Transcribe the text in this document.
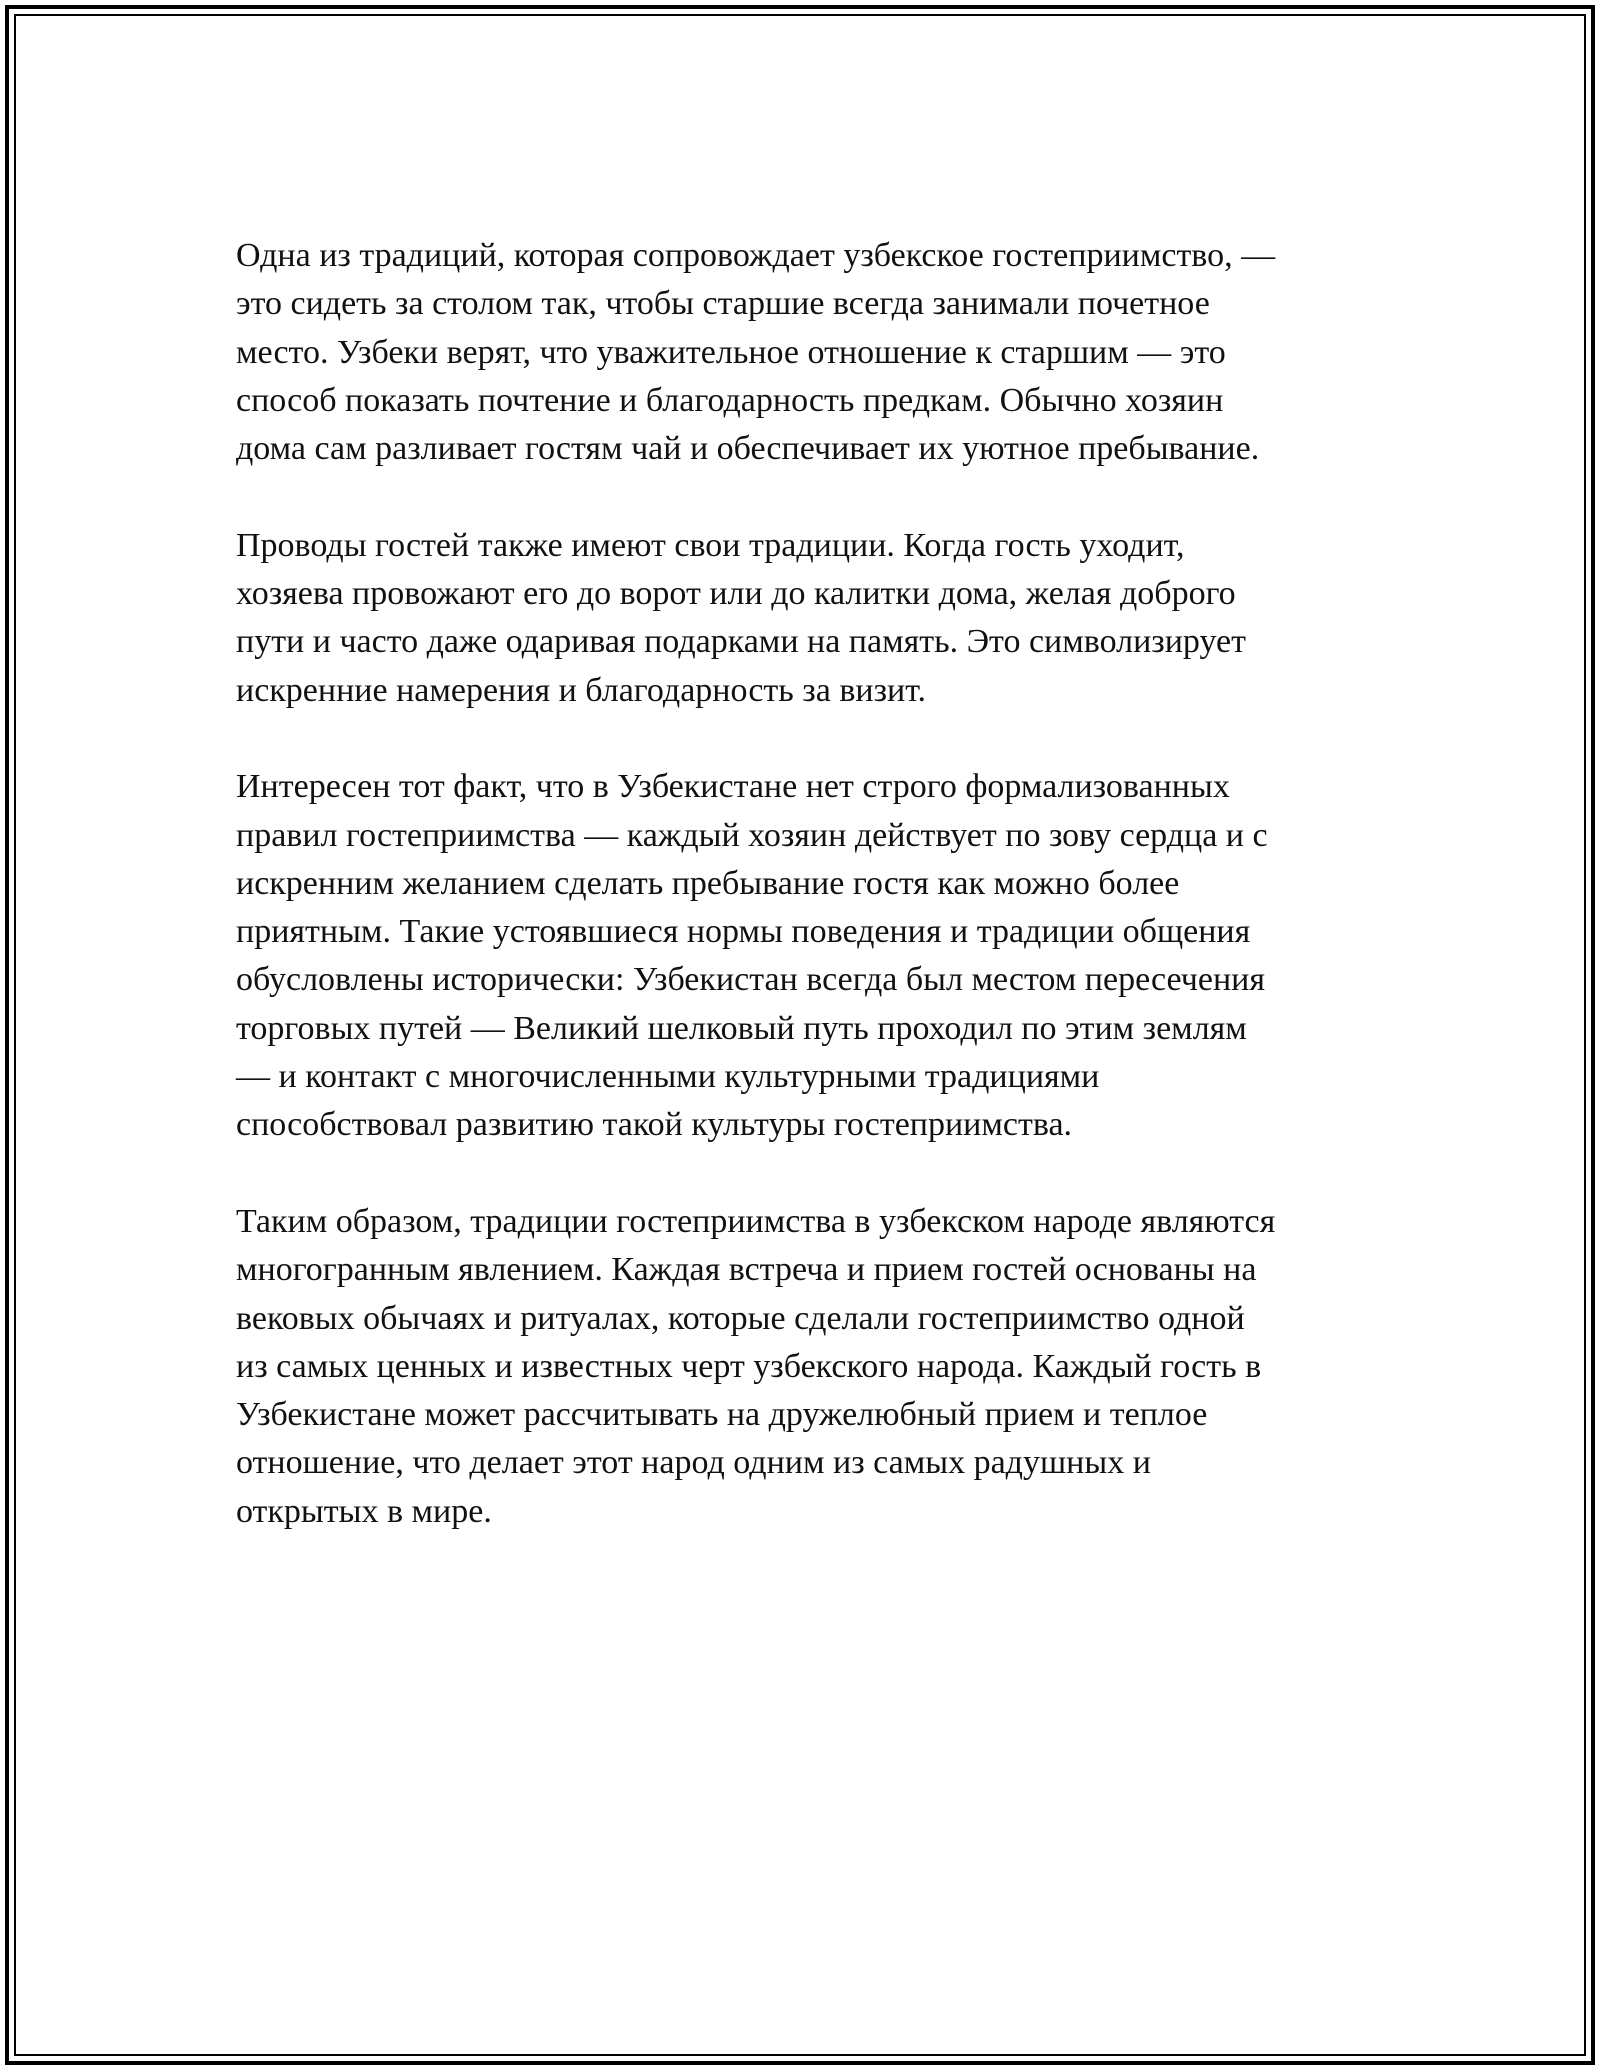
Одна из традиций, которая сопровождает узбекское гостеприимство, —
это сидеть за столом так, чтобы старшие всегда занимали почетное
место. Узбеки верят, что уважительное отношение к старшим — это
способ показать почтение и благодарность предкам. Обычно хозяин
дома сам разливает гостям чай и обеспечивает их уютное пребывание.
Проводы гостей также имеют свои традиции. Когда гость уходит,
хозяева провожают его до ворот или до калитки дома, желая доброго
пути и часто даже одаривая подарками на память. Это символизирует
искренние намерения и благодарность за визит.
Интересен тот факт, что в Узбекистане нет строго формализованных
правил гостеприимства — каждый хозяин действует по зову сердца и с
искренним желанием сделать пребывание гостя как можно более
приятным. Такие устоявшиеся нормы поведения и традиции общения
обусловлены исторически: Узбекистан всегда был местом пересечения
торговых путей — Великий шелковый путь проходил по этим землям
— и контакт с многочисленными культурными традициями
способствовал развитию такой культуры гостеприимства.
Таким образом, традиции гостеприимства в узбекском народе являются
многогранным явлением. Каждая встреча и прием гостей основаны на
вековых обычаях и ритуалах, которые сделали гостеприимство одной
из самых ценных и известных черт узбекского народа. Каждый гость в
Узбекистане может рассчитывать на дружелюбный прием и теплое
отношение, что делает этот народ одним из самых радушных и
открытых в мире.
